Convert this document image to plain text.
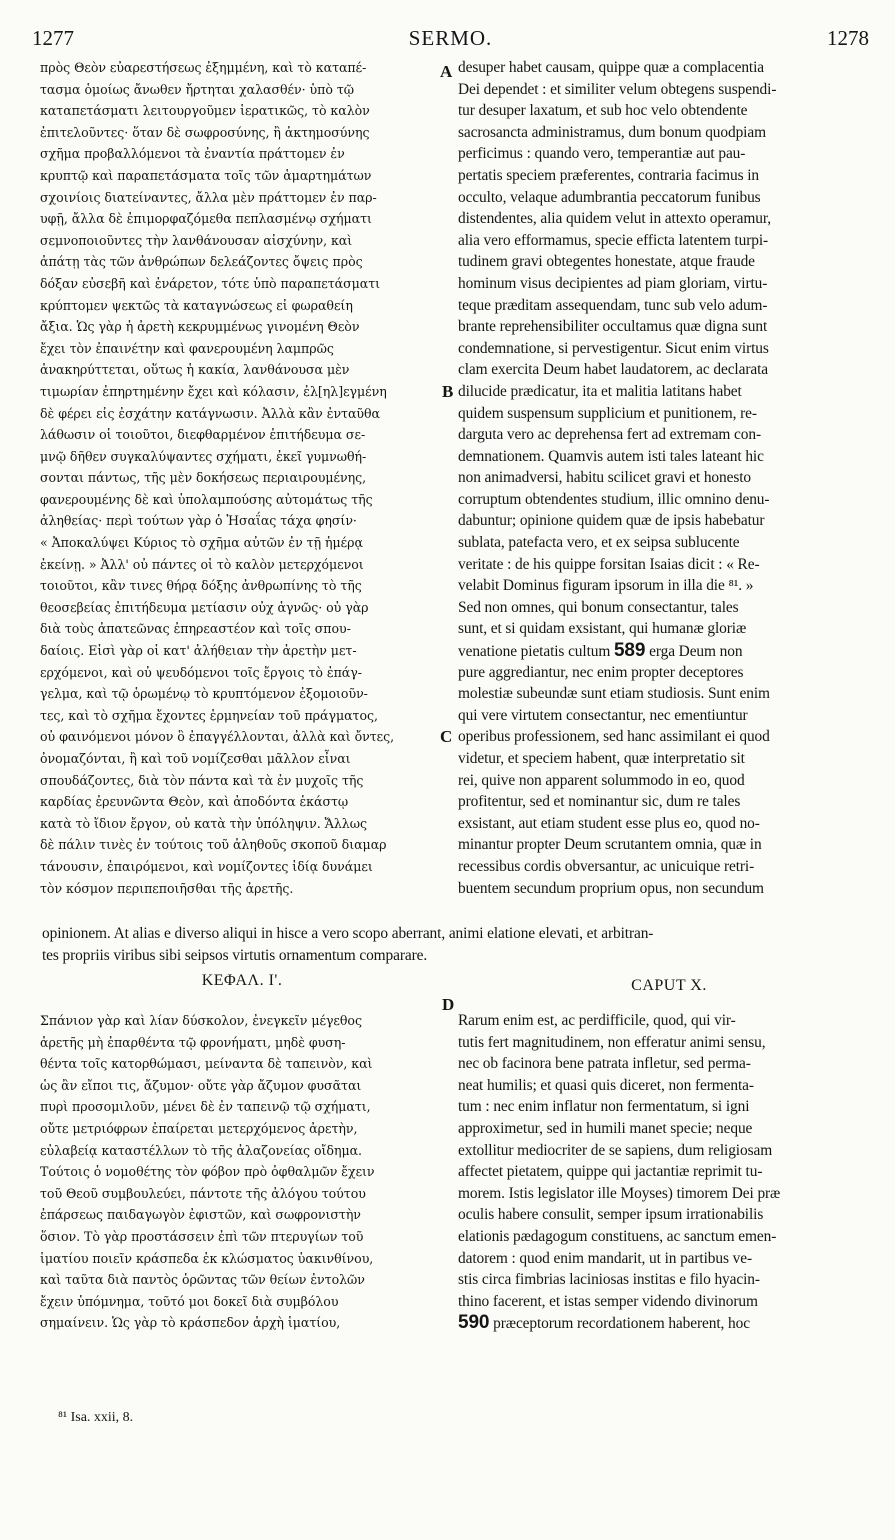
1277	SERMO.	1278
A
B
C
D
πρὸς Θεὸν εὐαρεστήσεως ἐξημμένη, καὶ τὸ καταπέ-
τασμα ὁμοίως ἄνωθεν ἤρτηται χαλασθέν· ὑπὸ τῷ
καταπετάσματι λειτουργοῦμεν ἱερατικῶς, τὸ καλὸν
ἐπιτελοῦντες· ὅταν δὲ σωφροσύνης, ἢ ἀκτημοσύνης
σχῆμα προβαλλόμενοι τὰ ἐναντία πράττομεν ἐν
κρυπτῷ καὶ παραπετάσματα τοῖς τῶν ἁμαρτημάτων
σχοινίοις διατείναντες, ἄλλα μὲν πράττομεν ἐν παρ-
υφῇ, ἄλλα δὲ ἐπιμορφαζόμεθα πεπλασμένῳ σχήματι
σεμνοποιοῦντες τὴν λανθάνουσαν αἰσχύνην, καὶ
ἀπάτῃ τὰς τῶν ἀνθρώπων δελεάζοντες ὄψεις πρὸς
δόξαν εὐσεβῆ καὶ ἐνάρετον, τότε ὑπὸ παραπετάσματι
κρύπτομεν ψεκτῶς τὰ καταγνώσεως εἰ φωραθείη
ἄξια. Ὡς γὰρ ἡ ἀρετὴ κεκρυμμένως γινομένη Θεὸν
ἔχει τὸν ἐπαινέτην καὶ φανερουμένη λαμπρῶς
ἀνακηρύττεται, οὕτως ἡ κακία, λανθάνουσα μὲν
τιμωρίαν ἐπηρτημένην ἔχει καὶ κόλασιν, ἐλ[ηλ]εγμένη
δὲ φέρει εἰς ἐσχάτην κατάγνωσιν. Ἀλλὰ κἂν ἐνταῦθα
λάθωσιν οἱ τοιοῦτοι, διεφθαρμένον ἐπιτήδευμα σε-
μνῷ δῆθεν συγκαλύψαντες σχήματι, ἐκεῖ γυμνωθή-
σονται πάντως, τῆς μὲν δοκήσεως περιαιρουμένης,
φανερουμένης δὲ καὶ ὑπολαμπούσης αὐτομάτως τῆς
ἀληθείας· περὶ τούτων γὰρ ὁ Ἡσαΐας τάχα φησίν·
« Ἀποκαλύψει Κύριος τὸ σχῆμα αὐτῶν ἐν τῇ ἡμέρᾳ
ἐκείνῃ. » Ἀλλ' οὐ πάντες οἱ τὸ καλὸν μετερχόμενοι
τοιοῦτοι, κἂν τινες θήρᾳ δόξης ἀνθρωπίνης τὸ τῆς
θεοσεβείας ἐπιτήδευμα μετίασιν οὐχ ἁγνῶς· οὐ γὰρ
διὰ τοὺς ἀπατεῶνας ἐπηρεαστέον καὶ τοῖς σπου-
δαίοις. Εἰσὶ γὰρ οἱ κατ' ἀλήθειαν τὴν ἀρετὴν μετ-
ερχόμενοι, καὶ οὐ ψευδόμενοι τοῖς ἔργοις τὸ ἐπάγ-
γελμα, καὶ τῷ ὁρωμένῳ τὸ κρυπτόμενον ἐξομοιοῦν-
τες, καὶ τὸ σχῆμα ἔχοντες ἑρμηνείαν τοῦ πράγματος,
οὐ φαινόμενοι μόνον ὃ ἐπαγγέλλονται, ἀλλὰ καὶ ὄντες,
ὀνομαζόνται, ἢ καὶ τοῦ νομίζεσθαι μᾶλλον εἶναι
σπουδάζοντες, διὰ τὸν πάντα καὶ τὰ ἐν μυχοῖς τῆς
καρδίας ἐρευνῶντα Θεὸν, καὶ ἀποδόντα ἑκάστῳ
κατὰ τὸ ἴδιον ἔργον, οὐ κατὰ τὴν ὑπόληψιν. Ἄλλως
δὲ πάλιν τινὲς ἐν τούτοις τοῦ ἀληθοῦς σκοποῦ διαμαρ
τάνουσιν, ἐπαιρόμενοι, καὶ νομίζοντες ἰδίᾳ δυνάμει
τὸν κόσμον περιπεποιῆσθαι τῆς ἀρετῆς.
desuper habet causam, quippe quæ a complacentia
Dei dependet : et similiter velum obtegens suspendi-
tur desuper laxatum, et sub hoc velo obtendente
sacrosancta administramus, dum bonum quodpiam
perficimus : quando vero, temperantiæ aut pau-
pertatis speciem præferentes, contraria facimus in
occulto, velaque adumbrantia peccatorum funibus
distendentes, alia quidem velut in attexto operamur,
alia vero efformamus, specie efficta latentem turpi-
tudinem gravi obtegentes honestate, atque fraude
hominum visus decipientes ad piam gloriam, virtu-
teque præditam assequendam, tunc sub velo adum-
brante reprehensibiliter occultamus quæ digna sunt
condemnatione, si pervestigentur. Sicut enim virtus
clam exercita Deum habet laudatorem, ac declarata
dilucide prædicatur, ita et malitia latitans habet
quidem suspensum supplicium et punitionem, re-
darguta vero ac deprehensa fert ad extremam con-
demnationem. Quamvis autem isti tales lateant hic
non animadversi, habitu scilicet gravi et honesto
corruptum obtendentes studium, illic omnino denu-
dabuntur; opinione quidem quæ de ipsis habebatur
sublata, patefacta vero, et ex seipsa sublucente
veritate : de his quippe forsitan Isaias dicit : « Re-
velabit Dominus figuram ipsorum in illa die ⁸¹. »
Sed non omnes, qui bonum consectantur, tales
sunt, et si quidam exsistant, qui humanæ gloriæ
venatione pietatis cultum 589 erga Deum non
pure aggrediantur, nec enim propter deceptores
molestiæ subeundæ sunt etiam studiosis. Sunt enim
qui vere virtutem consectantur, nec ementiuntur
operibus professionem, sed hanc assimilant ei quod
videtur, et speciem habent, quæ interpretatio sit
rei, quive non apparent solummodo in eo, quod
profitentur, sed et nominantur sic, dum re tales
exsistant, aut etiam student esse plus eo, quod no-
minantur propter Deum scrutantem omnia, quæ in
recessibus cordis obversantur, ac unicuique retri-
buentem secundum proprium opus, non secundum
opinionem. At alias e diverso aliqui in hisce a vero scopo aberrant, animi elatione elevati, et arbitran-
tes propriis viribus sibi seipsos virtutis ornamentum comparare.
ΚΕΦΑΛ. Ι'.	CAPUT X.
Σπάνιον γὰρ καὶ λίαν δύσκολον, ἐνεγκεῖν μέγεθος
ἀρετῆς μὴ ἐπαρθέντα τῷ φρονήματι, μηδὲ φυση-
θέντα τοῖς κατορθώμασι, μείναντα δὲ ταπεινὸν, καὶ
ὡς ἂν εἴποι τις, ἄζυμον· οὔτε γὰρ ἄζυμον φυσᾶται
πυρὶ προσομιλοῦν, μένει δὲ ἐν ταπεινῷ τῷ σχήματι,
οὔτε μετριόφρων ἐπαίρεται μετερχόμενος ἀρετὴν,
εὐλαβείᾳ καταστέλλων τὸ τῆς ἀλαζονείας οἴδημα.
Τούτοις ὁ νομοθέτης τὸν φόβον πρὸ ὀφθαλμῶν ἔχειν
τοῦ Θεοῦ συμβουλεύει, πάντοτε τῆς ἀλόγου τούτου
ἐπάρσεως παιδαγωγὸν ἐφιστῶν, καὶ σωφρονιστὴν
ὅσιον. Τὸ γὰρ προστάσσειν ἐπὶ τῶν πτερυγίων τοῦ
ἱματίου ποιεῖν κράσπεδα ἐκ κλώσματος ὑακινθίνου,
καὶ ταῦτα διὰ παντὸς ὁρῶντας τῶν θείων ἐντολῶν
ἔχειν ὑπόμνημα, τοῦτό μοι δοκεῖ διὰ συμβόλου
σημαίνειν. Ὡς γὰρ τὸ κράσπεδον ἀρχὴ ἱματίου,
Rarum enim est, ac perdifficile, quod, qui vir-
tutis fert magnitudinem, non efferatur animi sensu,
nec ob facinora bene patrata infletur, sed perma-
neat humilis; et quasi quis diceret, non fermenta-
tum : nec enim inflatur non fermentatum, si igni
approximetur, sed in humili manet specie; neque
extollitur mediocriter de se sapiens, dum religiosam
affectet pietatem, quippe qui jactantiæ reprimit tu-
morem. Istis legislator ille Moyses) timorem Dei præ
oculis habere consulit, semper ipsum irrationabilis
elationis pædagogum constituens, ac sanctum emen-
datorem : quod enim mandarit, ut in partibus ve-
stis circa fimbrias laciniosas institas e filo hyacin-
thino facerent, et istas semper videndo divinorum
590 præceptorum recordationem haberent, hoc
⁸¹ Isa. xxii, 8.
